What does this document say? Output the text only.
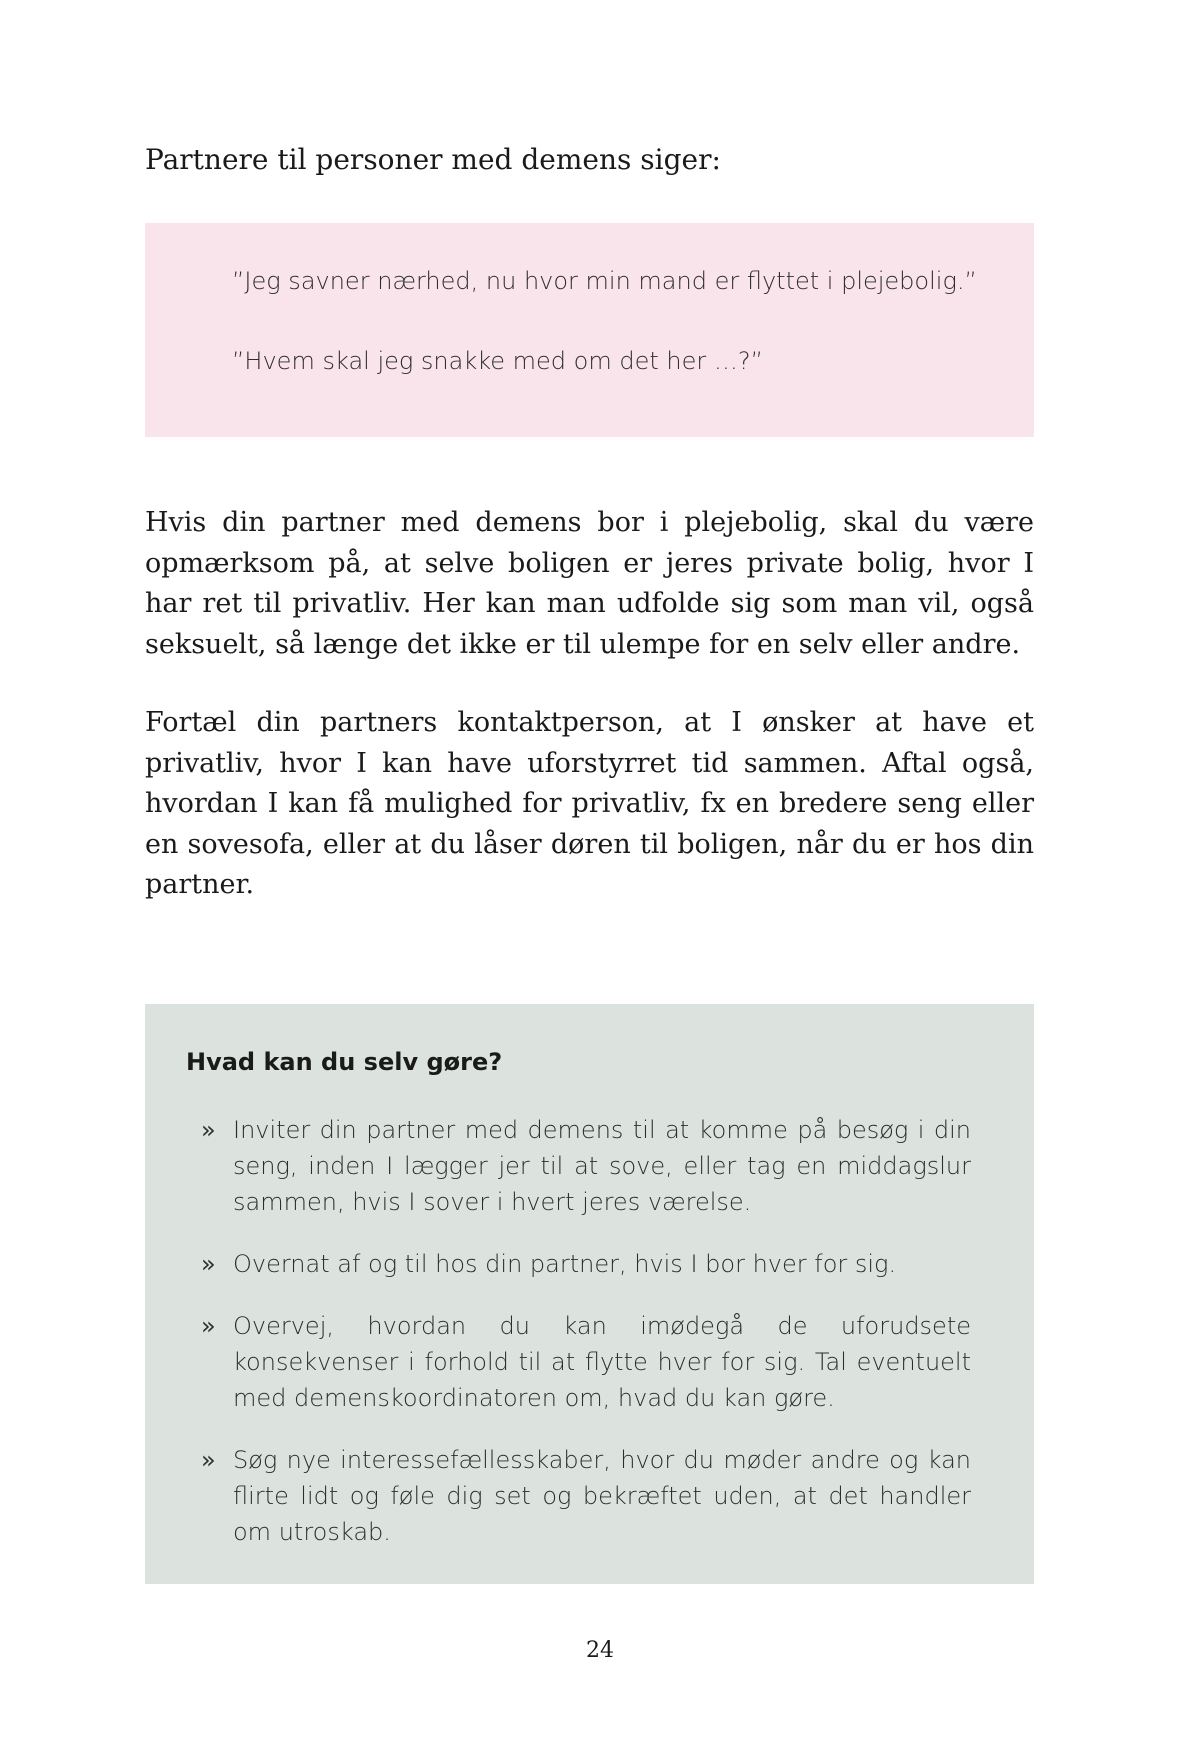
Partnere til personer med demens siger:

”Jeg savner nærhed, nu hvor min mand er flyttet i plejebolig.”

”Hvem skal jeg snakke med om det her …?”

Hvis din partner med demens bor i plejebolig, skal du være opmærksom på, at selve boligen er jeres private bolig, hvor I har ret til privatliv. Her kan man udfolde sig som man vil, også seksuelt, så længe det ikke er til ulempe for en selv eller andre.

Fortæl din partners kontaktperson, at I ønsker at have et privatliv, hvor I kan have uforstyrret tid sammen. Aftal også, hvordan I kan få mulighed for privatliv, fx en bredere seng eller en sovesofa, eller at du låser døren til boligen, når du er hos din partner.

Hvad kan du selv gøre?
» Inviter din partner med demens til at komme på besøg i din seng, inden I lægger jer til at sove, eller tag en middagslur sammen, hvis I sover i hvert jeres værelse.
» Overnat af og til hos din partner, hvis I bor hver for sig.
» Overvej, hvordan du kan imødegå de uforudsete konsekvenser i forhold til at flytte hver for sig. Tal eventuelt med demenskoordinatoren om, hvad du kan gøre.
» Søg nye interessefællesskaber, hvor du møder andre og kan flirte lidt og føle dig set og bekræftet uden, at det handler om utroskab.
24
